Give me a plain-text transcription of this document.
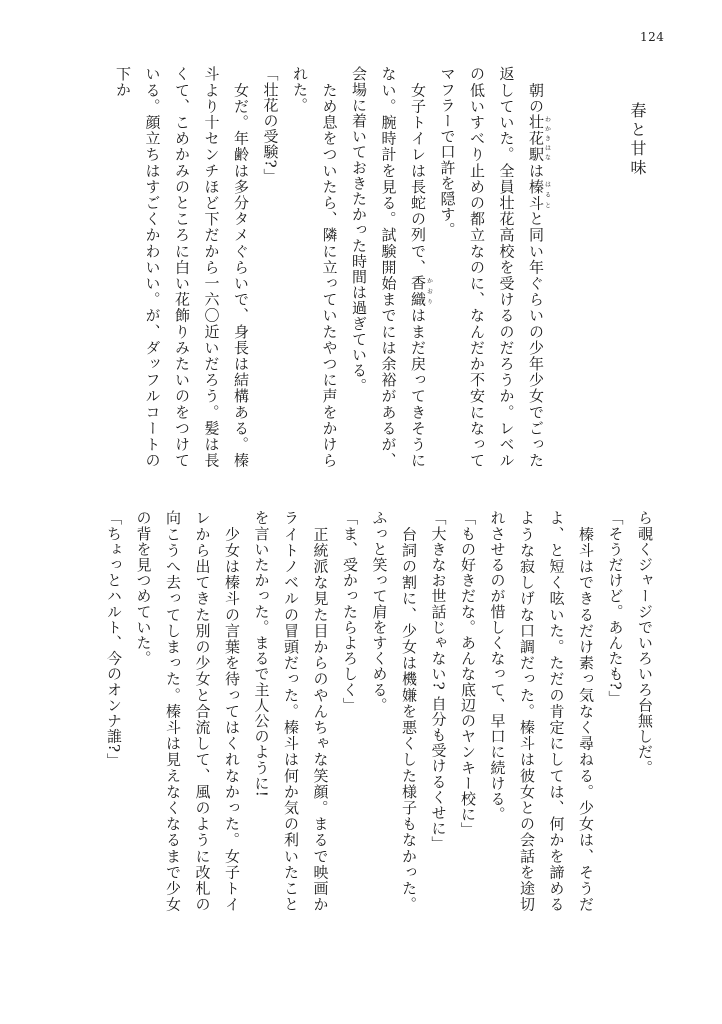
124
春と甘味
　朝の壮花駅わかきはなは榛斗はるとと同い年ぐらいの少年少女でごった返していた。全員壮花高校を受けるのだろうか。レベルの低いすべり止めの都立なのに、なんだか不安になってマフラーで口許を隠す。
　女子トイレは長蛇の列で、香織かおりはまだ戻ってきそうにない。腕時計を見る。試験開始までには余裕があるが、会場に着いておきたかった時間は過ぎている。
　ため息をついたら、隣に立っていたやつに声をかけられた。
「壮花の受験?」
　女だ。年齢は多分タメぐらいで、身長は結構ある。榛斗より十センチほど下だから一六〇近いだろう。髪は長くて、こめかみのところに白い花飾りみたいのをつけている。顔立ちはすごくかわいい。が、ダッフルコートの下か
ら覗くジャージでいろいろ台無しだ。
「そうだけど。あんたも?」
　榛斗はできるだけ素っ気なく尋ねる。少女は、そうだよ、と短く呟いた。ただの肯定にしては、何かを諦めるような寂しげな口調だった。榛斗は彼女との会話を途切れさせるのが惜しくなって、早口に続ける。
「もの好きだな。あんな底辺のヤンキー校に」
「大きなお世話じゃない? 自分も受けるくせに」
　台詞の割に、少女は機嫌を悪くした様子もなかった。ふっと笑って肩をすくめる。
「ま、受かったらよろしく」
　正統派な見た目からのやんちゃな笑顔。まるで映画かライトノベルの冒頭だった。榛斗は何か気の利いたことを言いたかった。まるで主人公のように!
　少女は榛斗の言葉を待ってはくれなかった。女子トイレから出てきた別の少女と合流して、風のように改札の向こうへ去ってしまった。榛斗は見えなくなるまで少女の背を見つめていた。
「ちょっとハルト、今のオンナ誰?」
